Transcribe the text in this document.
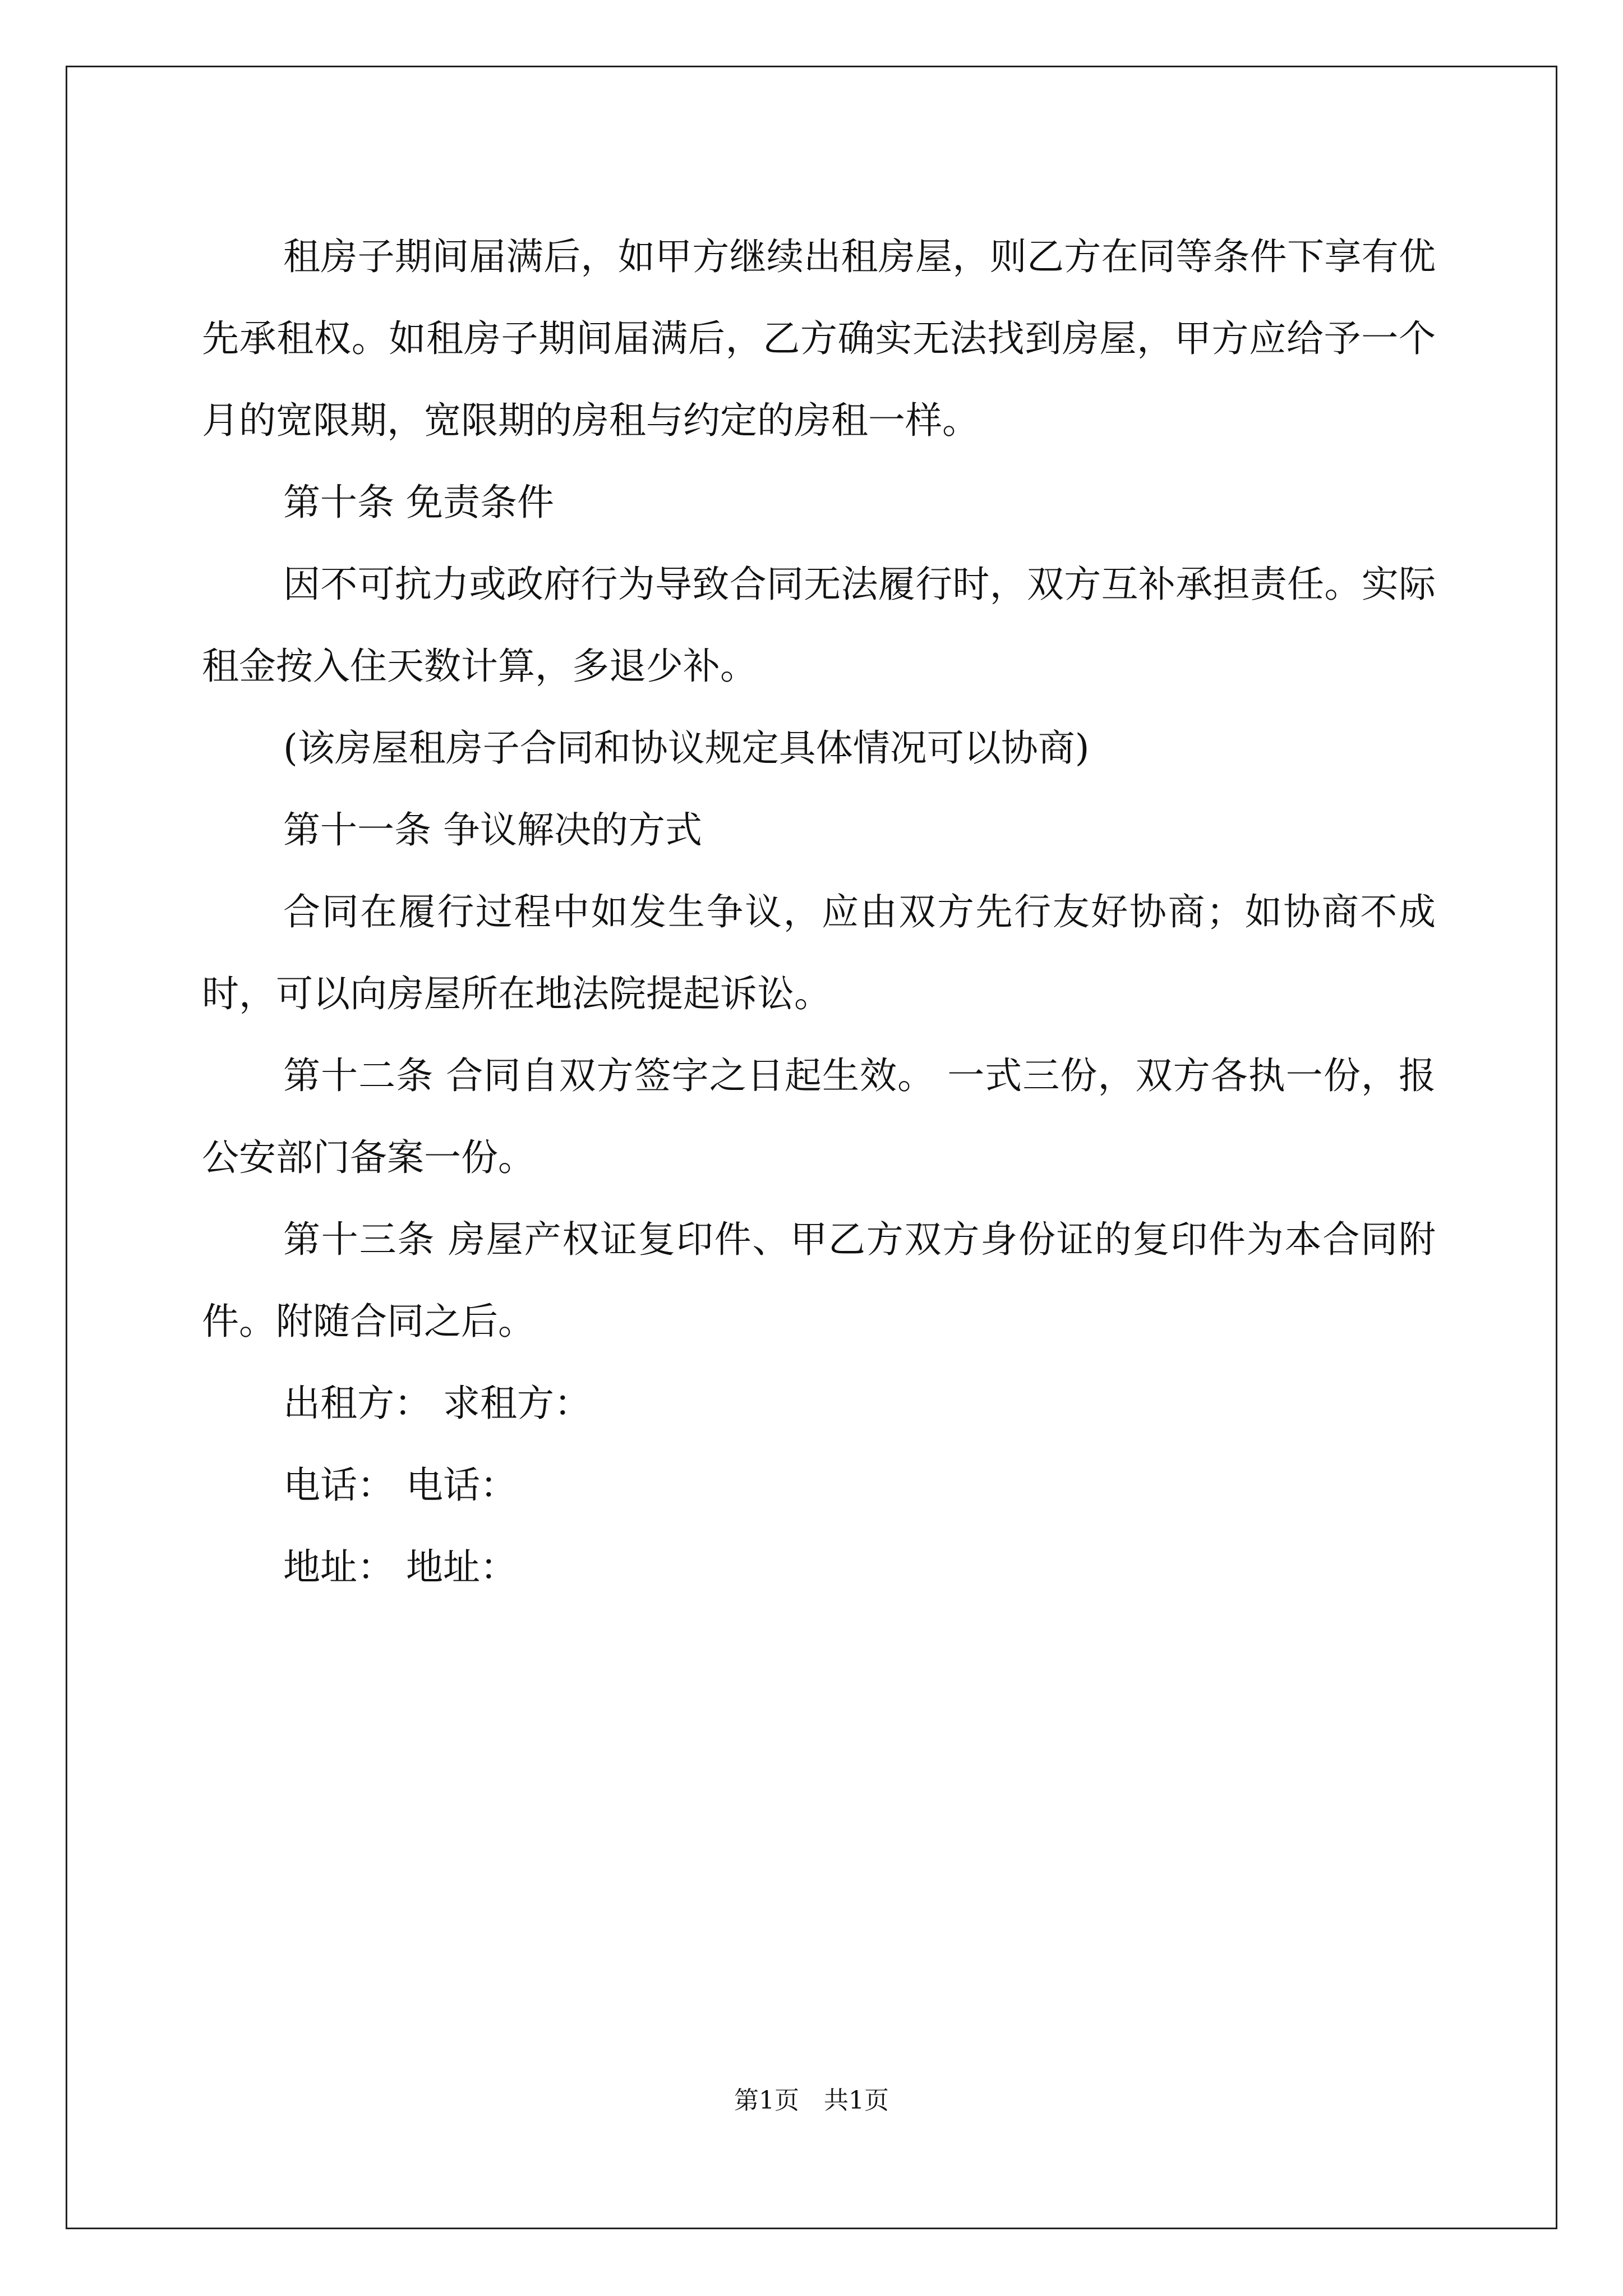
租房子期间届满后，如甲方继续出租房屋，则乙方在同等条件下享有优先承租权。如租房子期间届满后，乙方确实无法找到房屋，甲方应给予一个月的宽限期，宽限期的房租与约定的房租一样。

第十条 免责条件

因不可抗力或政府行为导致合同无法履行时，双方互补承担责任。实际租金按入住天数计算，多退少补。

(该房屋租房子合同和协议规定具体情况可以协商)

第十一条 争议解决的方式

合同在履行过程中如发生争议，应由双方先行友好协商；如协商不成时，可以向房屋所在地法院提起诉讼。

第十二条 合同自双方签字之日起生效。 一式三份，双方各执一份，报公安部门备案一份。

第十三条 房屋产权证复印件、甲乙方双方身份证的复印件为本合同附件。附随合同之后。

出租方： 求租方：

电话： 电话：

地址： 地址：

第1页　共1页
